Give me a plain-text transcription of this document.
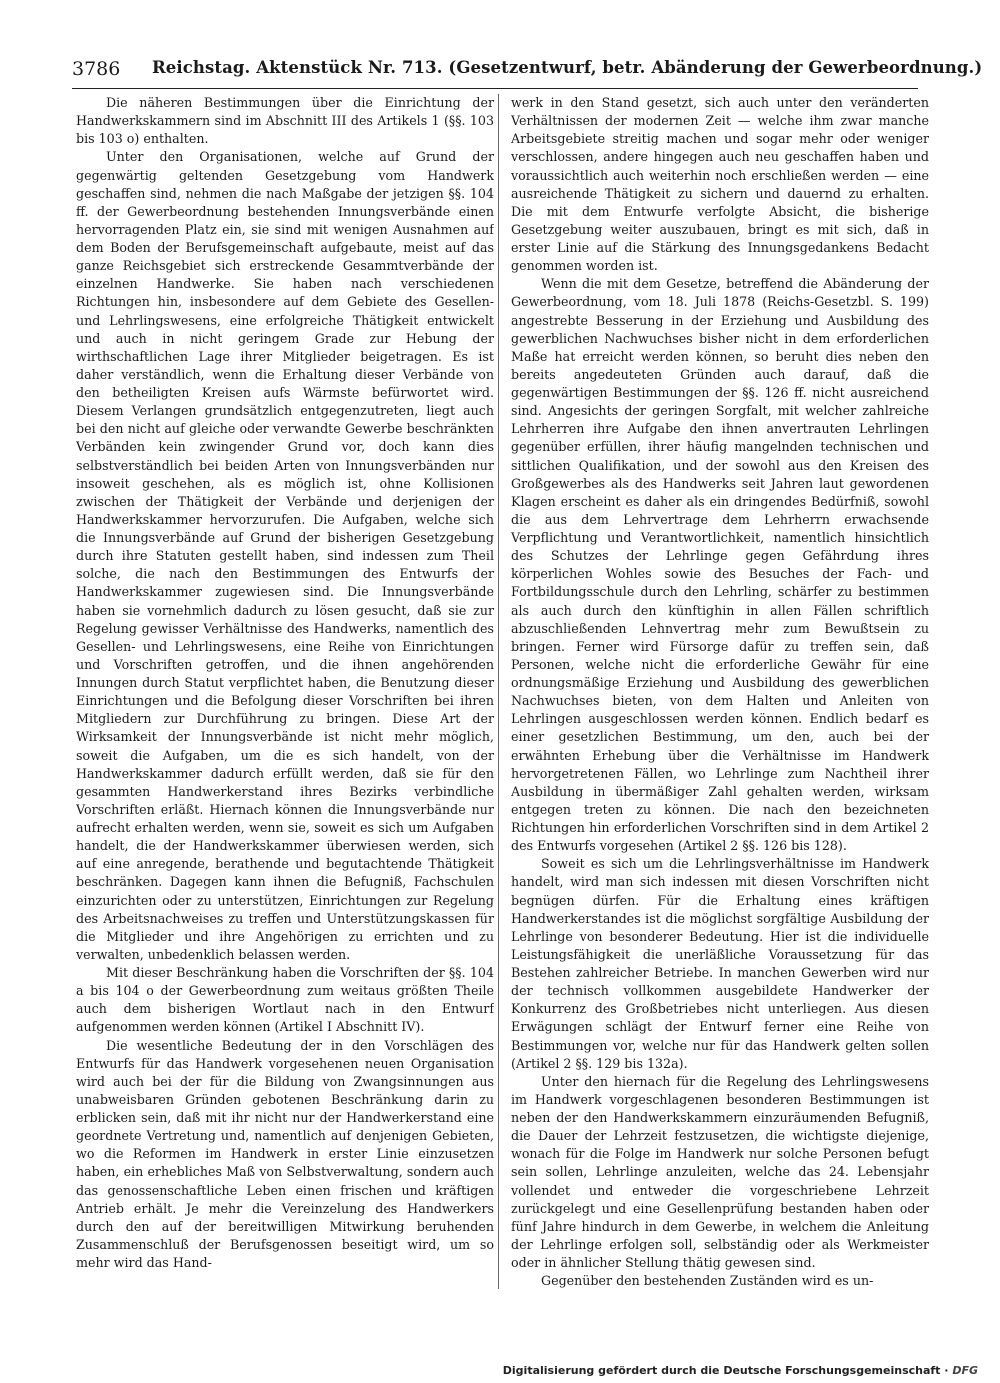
3786 Reichstag. Aktenstück Nr. 713. (Gesetzentwurf, betr. Abänderung der Gewerbeordnung.)

Die näheren Bestimmungen über die Einrichtung der Handwerkskammern sind im Abschnitt III des Artikels 1 (§§. 103 bis 103 o) enthalten.

Unter den Organisationen, welche auf Grund der gegenwärtig geltenden Gesetzgebung vom Handwerk geschaffen sind, nehmen die nach Maßgabe der jetzigen §§. 104 ff. der Gewerbeordnung bestehenden Innungsverbände einen hervorragenden Platz ein, sie sind mit wenigen Ausnahmen auf dem Boden der Berufsgemeinschaft aufgebaute, meist auf das ganze Reichsgebiet sich erstreckende Gesammtverbände der einzelnen Handwerke. Sie haben nach verschiedenen Richtungen hin, insbesondere auf dem Gebiete des Gesellen- und Lehrlingswesens, eine erfolgreiche Thätigkeit entwickelt und auch in nicht geringem Grade zur Hebung der wirthschaftlichen Lage ihrer Mitglieder beigetragen. Es ist daher verständlich, wenn die Erhaltung dieser Verbände von den betheiligten Kreisen aufs Wärmste befürwortet wird. Diesem Verlangen grundsätzlich entgegenzutreten, liegt auch bei den nicht auf gleiche oder verwandte Gewerbe beschränkten Verbänden kein zwingender Grund vor, doch kann dies selbstverständlich bei beiden Arten von Innungsverbänden nur insoweit geschehen, als es möglich ist, ohne Kollisionen zwischen der Thätigkeit der Verbände und derjenigen der Handwerkskammer hervorzurufen. Die Aufgaben, welche sich die Innungsverbände auf Grund der bisherigen Gesetzgebung durch ihre Statuten gestellt haben, sind indessen zum Theil solche, die nach den Bestimmungen des Entwurfs der Handwerkskammer zugewiesen sind. Die Innungsverbände haben sie vornehmlich dadurch zu lösen gesucht, daß sie zur Regelung gewisser Verhältnisse des Handwerks, namentlich des Gesellen- und Lehrlingswesens, eine Reihe von Einrichtungen und Vorschriften getroffen, und die ihnen angehörenden Innungen durch Statut verpflichtet haben, die Benutzung dieser Einrichtungen und die Befolgung dieser Vorschriften bei ihren Mitgliedern zur Durchführung zu bringen. Diese Art der Wirksamkeit der Innungsverbände ist nicht mehr möglich, soweit die Aufgaben, um die es sich handelt, von der Handwerkskammer dadurch erfüllt werden, daß sie für den gesammten Handwerkerstand ihres Bezirks verbindliche Vorschriften erläßt. Hiernach können die Innungsverbände nur aufrecht erhalten werden, wenn sie, soweit es sich um Aufgaben handelt, die der Handwerkskammer überwiesen werden, sich auf eine anregende, berathende und begutachtende Thätigkeit beschränken. Dagegen kann ihnen die Befugniß, Fachschulen einzurichten oder zu unterstützen, Einrichtungen zur Regelung des Arbeitsnachweises zu treffen und Unterstützungskassen für die Mitglieder und ihre Angehörigen zu errichten und zu verwalten, unbedenklich belassen werden.

Mit dieser Beschränkung haben die Vorschriften der §§. 104 a bis 104 o der Gewerbeordnung zum weitaus größten Theile auch dem bisherigen Wortlaut nach in den Entwurf aufgenommen werden können (Artikel I Abschnitt IV).

Die wesentliche Bedeutung der in den Vorschlägen des Entwurfs für das Handwerk vorgesehenen neuen Organisation wird auch bei der für die Bildung von Zwangsinnungen aus unabweisbaren Gründen gebotenen Beschränkung darin zu erblicken sein, daß mit ihr nicht nur der Handwerkerstand eine geordnete Vertretung und, namentlich auf denjenigen Gebieten, wo die Reformen im Handwerk in erster Linie einzusetzen haben, ein erhebliches Maß von Selbstverwaltung, sondern auch das genossenschaftliche Leben einen frischen und kräftigen Antrieb erhält. Je mehr die Vereinzelung des Handwerkers durch den auf der bereitwilligen Mitwirkung beruhenden Zusammenschluß der Berufsgenossen beseitigt wird, um so mehr wird das Hand-

werk in den Stand gesetzt, sich auch unter den veränderten Verhältnissen der modernen Zeit — welche ihm zwar manche Arbeitsgebiete streitig machen und sogar mehr oder weniger verschlossen, andere hingegen auch neu geschaffen haben und voraussichtlich auch weiterhin noch erschließen werden — eine ausreichende Thätigkeit zu sichern und dauernd zu erhalten. Die mit dem Entwurfe verfolgte Absicht, die bisherige Gesetzgebung weiter auszubauen, bringt es mit sich, daß in erster Linie auf die Stärkung des Innungsgedankens Bedacht genommen worden ist.

Wenn die mit dem Gesetze, betreffend die Abänderung der Gewerbeordnung, vom 18. Juli 1878 (Reichs-Gesetzbl. S. 199) angestrebte Besserung in der Erziehung und Ausbildung des gewerblichen Nachwuchses bisher nicht in dem erforderlichen Maße hat erreicht werden können, so beruht dies neben den bereits angedeuteten Gründen auch darauf, daß die gegenwärtigen Bestimmungen der §§. 126 ff. nicht ausreichend sind. Angesichts der geringen Sorgfalt, mit welcher zahlreiche Lehrherren ihre Aufgabe den ihnen anvertrauten Lehrlingen gegenüber erfüllen, ihrer häufig mangelnden technischen und sittlichen Qualifikation, und der sowohl aus den Kreisen des Großgewerbes als des Handwerks seit Jahren laut gewordenen Klagen erscheint es daher als ein dringendes Bedürfniß, sowohl die aus dem Lehrvertrage dem Lehrherrn erwachsende Verpflichtung und Verantwortlichkeit, namentlich hinsichtlich des Schutzes der Lehrlinge gegen Gefährdung ihres körperlichen Wohles sowie des Besuches der Fach- und Fortbildungsschule durch den Lehrling, schärfer zu bestimmen als auch durch den künftighin in allen Fällen schriftlich abzuschließenden Lehnvertrag mehr zum Bewußtsein zu bringen. Ferner wird Fürsorge dafür zu treffen sein, daß Personen, welche nicht die erforderliche Gewähr für eine ordnungsmäßige Erziehung und Ausbildung des gewerblichen Nachwuchses bieten, von dem Halten und Anleiten von Lehrlingen ausgeschlossen werden können. Endlich bedarf es einer gesetzlichen Bestimmung, um den, auch bei der erwähnten Erhebung über die Verhältnisse im Handwerk hervorgetretenen Fällen, wo Lehrlinge zum Nachtheil ihrer Ausbildung in übermäßiger Zahl gehalten werden, wirksam entgegen treten zu können. Die nach den bezeichneten Richtungen hin erforderlichen Vorschriften sind in dem Artikel 2 des Entwurfs vorgesehen (Artikel 2 §§. 126 bis 128).

Soweit es sich um die Lehrlingsverhältnisse im Handwerk handelt, wird man sich indessen mit diesen Vorschriften nicht begnügen dürfen. Für die Erhaltung eines kräftigen Handwerkerstandes ist die möglichst sorgfältige Ausbildung der Lehrlinge von besonderer Bedeutung. Hier ist die individuelle Leistungsfähigkeit die unerläßliche Voraussetzung für das Bestehen zahlreicher Betriebe. In manchen Gewerben wird nur der technisch vollkommen ausgebildete Handwerker der Konkurrenz des Großbetriebes nicht unterliegen. Aus diesen Erwägungen schlägt der Entwurf ferner eine Reihe von Bestimmungen vor, welche nur für das Handwerk gelten sollen (Artikel 2 §§. 129 bis 132a).

Unter den hiernach für die Regelung des Lehrlingswesens im Handwerk vorgeschlagenen besonderen Bestimmungen ist neben der den Handwerkskammern einzuräumenden Befugniß, die Dauer der Lehrzeit festzusetzen, die wichtigste diejenige, wonach für die Folge im Handwerk nur solche Personen befugt sein sollen, Lehrlinge anzuleiten, welche das 24. Lebensjahr vollendet und entweder die vorgeschriebene Lehrzeit zurückgelegt und eine Gesellenprüfung bestanden haben oder fünf Jahre hindurch in dem Gewerbe, in welchem die Anleitung der Lehrlinge erfolgen soll, selbständig oder als Werkmeister oder in ähnlicher Stellung thätig gewesen sind.

Gegenüber den bestehenden Zuständen wird es un-

Digitalisierung gefördert durch die Deutsche Forschungsgemeinschaft · DFG
